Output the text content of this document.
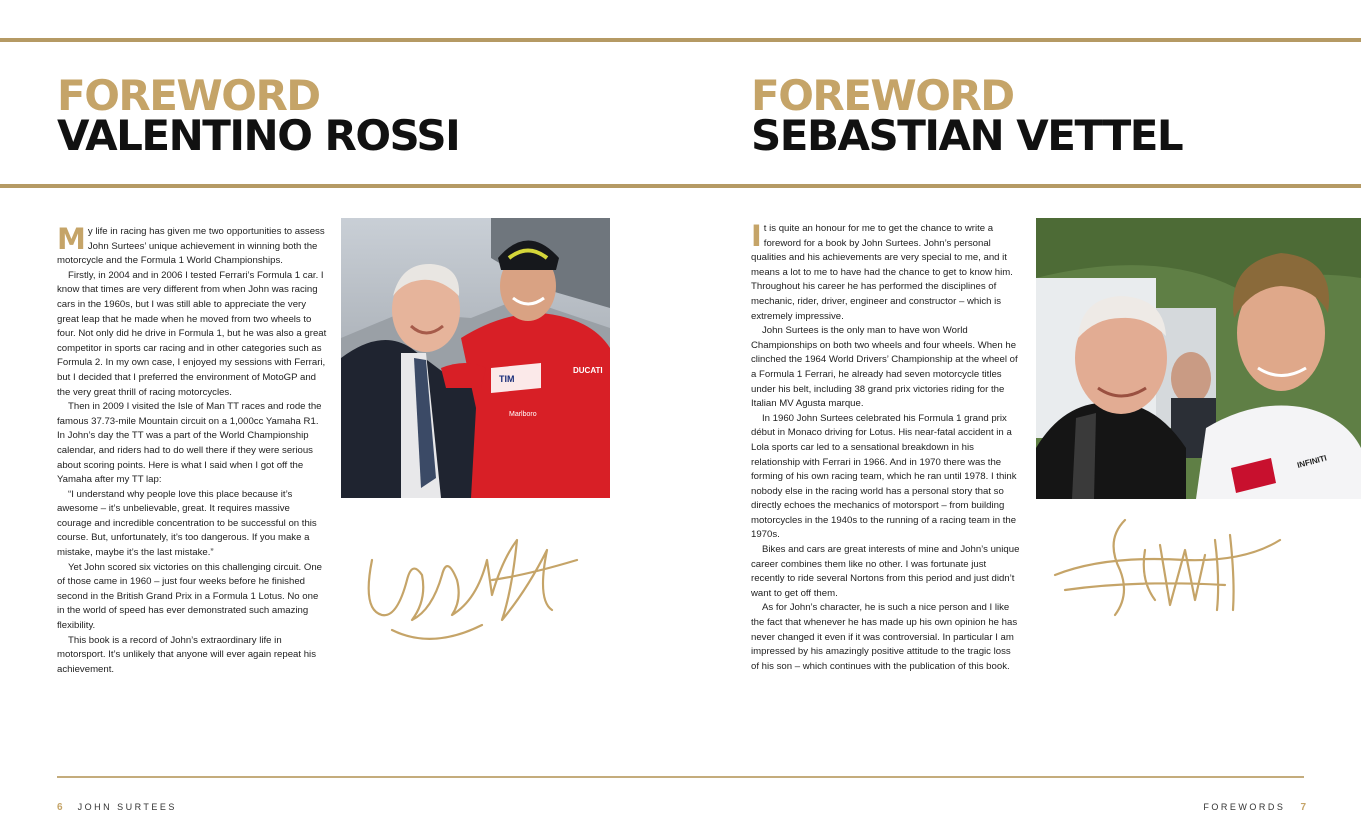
FOREWORD
VALENTINO ROSSI

My life in racing has given me two opportunities to assess John Surtees’ unique achievement in winning both the motorcycle and the Formula 1 World Championships.

Firstly, in 2004 and in 2006 I tested Ferrari’s Formula 1 car. I know that times are very different from when John was racing cars in the 1960s, but I was still able to appreciate the very great leap that he made when he moved from two wheels to four. Not only did he drive in Formula 1, but he was also a great competitor in sports car racing and in other categories such as Formula 2. In my own case, I enjoyed my sessions with Ferrari, but I decided that I preferred the environment of MotoGP and the very great thrill of racing motorcycles.

Then in 2009 I visited the Isle of Man TT races and rode the famous 37.73-mile Mountain circuit on a 1,000cc Yamaha R1. In John’s day the TT was a part of the World Championship calendar, and riders had to do well there if they were serious about scoring points. Here is what I said when I got off the Yamaha after my TT lap:

“I understand why people love this place because it’s awesome – it’s unbelievable, great. It requires massive courage and incredible concentration to be successful on this course. But, unfortunately, it’s too dangerous. If you make a mistake, maybe it’s the last mistake.”

Yet John scored six victories on this challenging circuit. One of those came in 1960 – just four weeks before he finished second in the British Grand Prix in a Formula 1 Lotus. No one in the world of speed has ever demonstrated such amazing flexibility.

This book is a record of John’s extraordinary life in motorsport. It’s unlikely that anyone will ever again repeat his achievement.

TIM
DUCATI
Marlboro
6 JOHN SURTEES
FOREWORD
SEBASTIAN VETTEL

It is quite an honour for me to get the chance to write a foreword for a book by John Surtees. John’s personal qualities and his achievements are very special to me, and it means a lot to me to have had the chance to get to know him. Throughout his career he has performed the disciplines of mechanic, rider, driver, engineer and constructor – which is extremely impressive.

John Surtees is the only man to have won World Championships on both two wheels and four wheels. When he clinched the 1964 World Drivers’ Championship at the wheel of a Formula 1 Ferrari, he already had seven motorcycle titles under his belt, including 38 grand prix victories riding for the Italian MV Agusta marque.

In 1960 John Surtees celebrated his Formula 1 grand prix début in Monaco driving for Lotus. His near-fatal accident in a Lola sports car led to a sensational breakdown in his relationship with Ferrari in 1966. And in 1970 there was the forming of his own racing team, which he ran until 1978. I think nobody else in the racing world has a personal story that so directly echoes the mechanics of motorsport – from building motorcycles in the 1940s to the running of a racing team in the 1970s.

Bikes and cars are great interests of mine and John’s unique career combines them like no other. I was fortunate just recently to ride several Nortons from this period and just didn’t want to get off them.

As for John’s character, he is such a nice person and I like the fact that whenever he has made up his own opinion he has never changed it even if it was controversial. In particular I am impressed by his amazingly positive attitude to the tragic loss of his son – which continues with the publication of this book.

INFINITI
FOREWORDS 7
